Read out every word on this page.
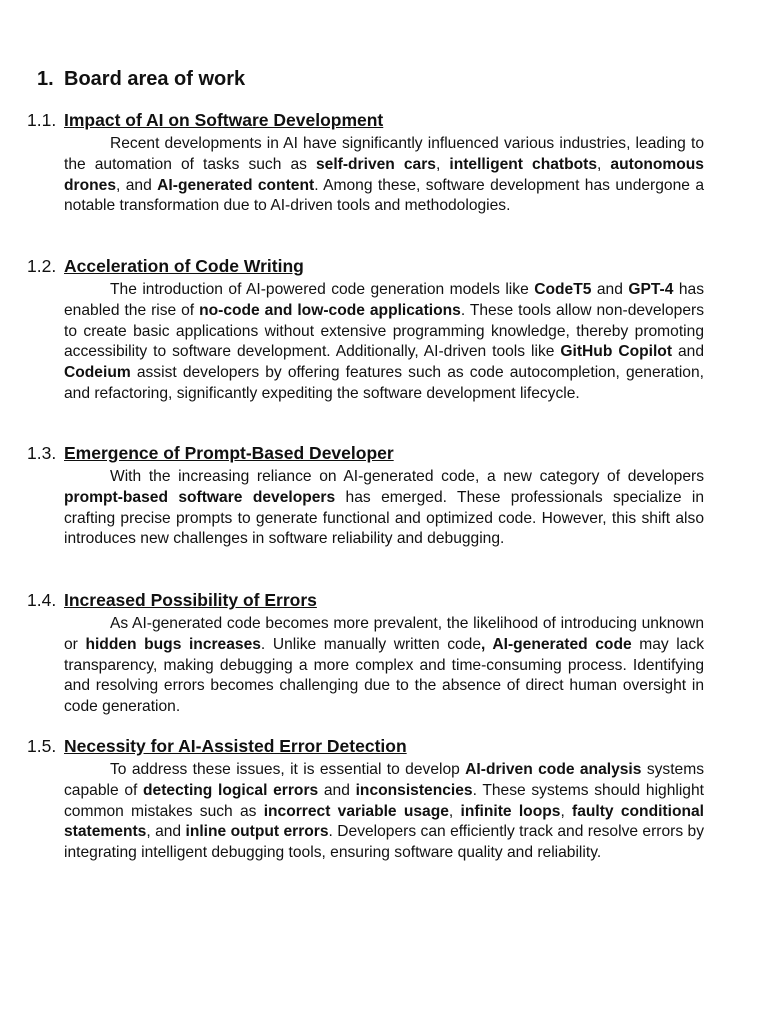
1. Board area of work
1.1. Impact of AI on Software Development

Recent developments in AI have significantly influenced various industries, leading to the automation of tasks such as self-driven cars, intelligent chatbots, autonomous drones, and AI-generated content. Among these, software development has undergone a notable transformation due to AI-driven tools and methodologies.

1.2. Acceleration of Code Writing

The introduction of AI-powered code generation models like CodeT5 and GPT-4 has enabled the rise of no-code and low-code applications. These tools allow non-developers to create basic applications without extensive programming knowledge, thereby promoting accessibility to software development. Additionally, AI-driven tools like GitHub Copilot and Codeium assist developers by offering features such as code autocompletion, generation, and refactoring, significantly expediting the software development lifecycle.

1.3. Emergence of Prompt-Based Developer

With the increasing reliance on AI-generated code, a new category of developers prompt-based software developers has emerged. These professionals specialize in crafting precise prompts to generate functional and optimized code. However, this shift also introduces new challenges in software reliability and debugging.

1.4. Increased Possibility of Errors

As AI-generated code becomes more prevalent, the likelihood of introducing unknown or hidden bugs increases. Unlike manually written code, AI-generated code may lack transparency, making debugging a more complex and time-consuming process. Identifying and resolving errors becomes challenging due to the absence of direct human oversight in code generation.

1.5. Necessity for AI-Assisted Error Detection

To address these issues, it is essential to develop AI-driven code analysis systems capable of detecting logical errors and inconsistencies. These systems should highlight common mistakes such as incorrect variable usage, infinite loops, faulty conditional statements, and inline output errors. Developers can efficiently track and resolve errors by integrating intelligent debugging tools, ensuring software quality and reliability.
